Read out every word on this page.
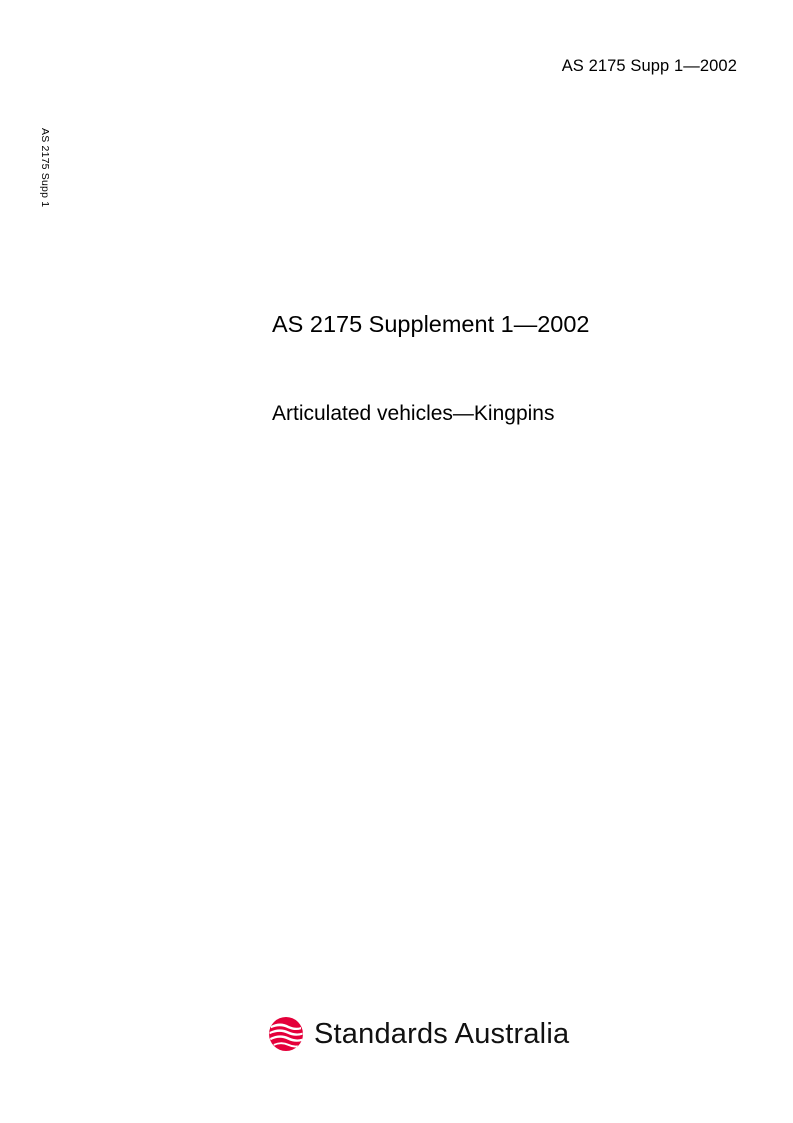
AS 2175 Supp 1—2002
AS 2175 Supp 1
AS 2175 Supplement 1—2002
Articulated vehicles—Kingpins
Standards Australia
